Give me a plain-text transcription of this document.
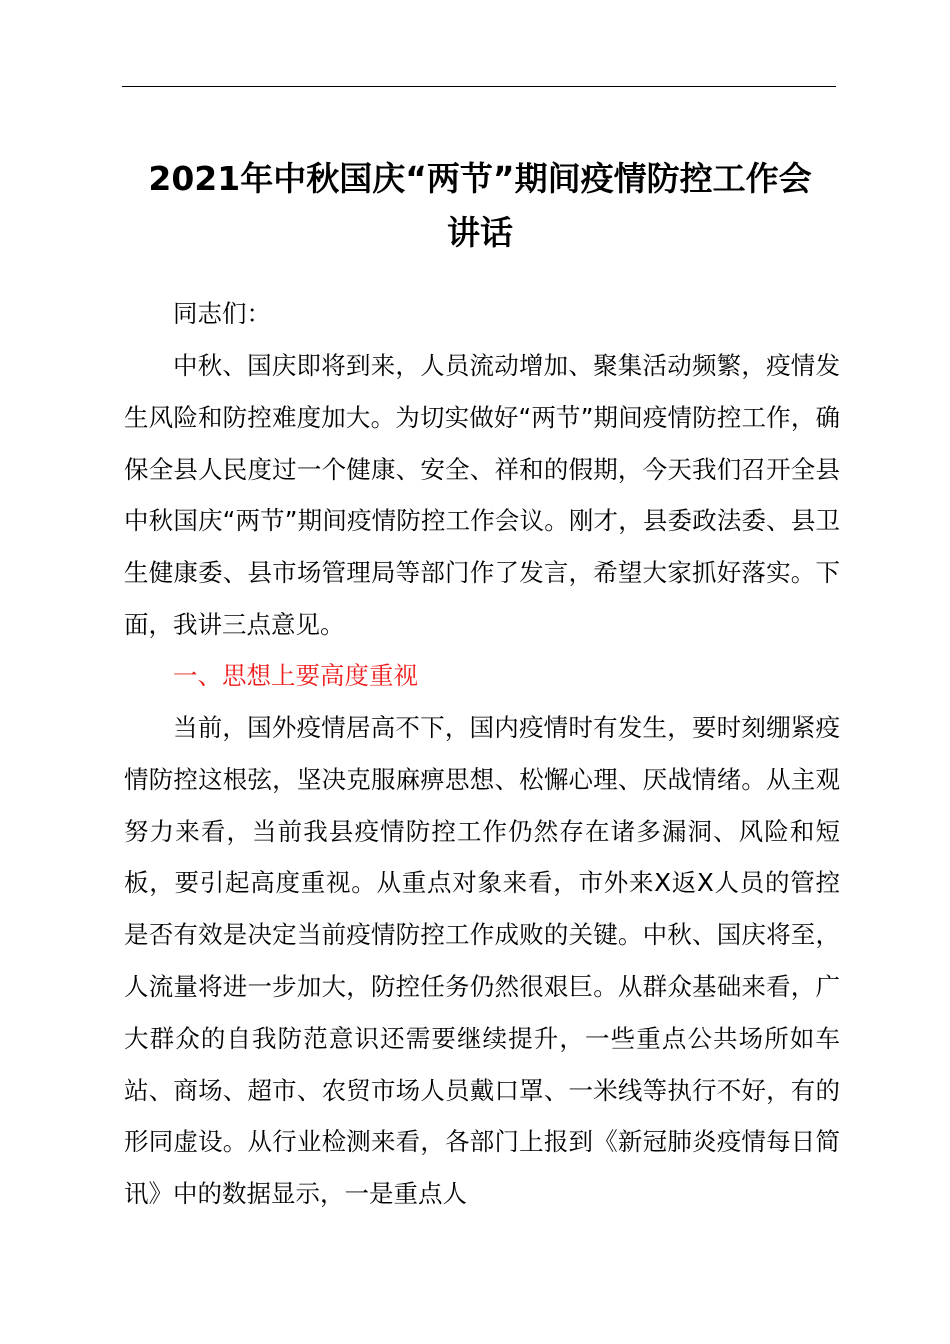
2021年中秋国庆“两节”期间疫情防控工作会
讲话
同志们：
中秋、国庆即将到来，人员流动增加、聚集活动频繁，疫情发生风险和防控难度加大。为切实做好“两节”期间疫情防控工作，确保全县人民度过一个健康、安全、祥和的假期，今天我们召开全县中秋国庆“两节”期间疫情防控工作会议。刚才，县委政法委、县卫生健康委、县市场管理局等部门作了发言，希望大家抓好落实。下面，我讲三点意见。
一、思想上要高度重视
当前，国外疫情居高不下，国内疫情时有发生，要时刻绷紧疫情防控这根弦，坚决克服麻痹思想、松懈心理、厌战情绪。从主观努力来看，当前我县疫情防控工作仍然存在诸多漏洞、风险和短板，要引起高度重视。从重点对象来看，市外来X返X人员的管控是否有效是决定当前疫情防控工作成败的关键。中秋、国庆将至，人流量将进一步加大，防控任务仍然很艰巨。从群众基础来看，广大群众的自我防范意识还需要继续提升，一些重点公共场所如车站、商场、超市、农贸市场人员戴口罩、一米线等执行不好，有的形同虚设。从行业检测来看，各部门上报到《新冠肺炎疫情每日简讯》中的数据显示，一是重点人
